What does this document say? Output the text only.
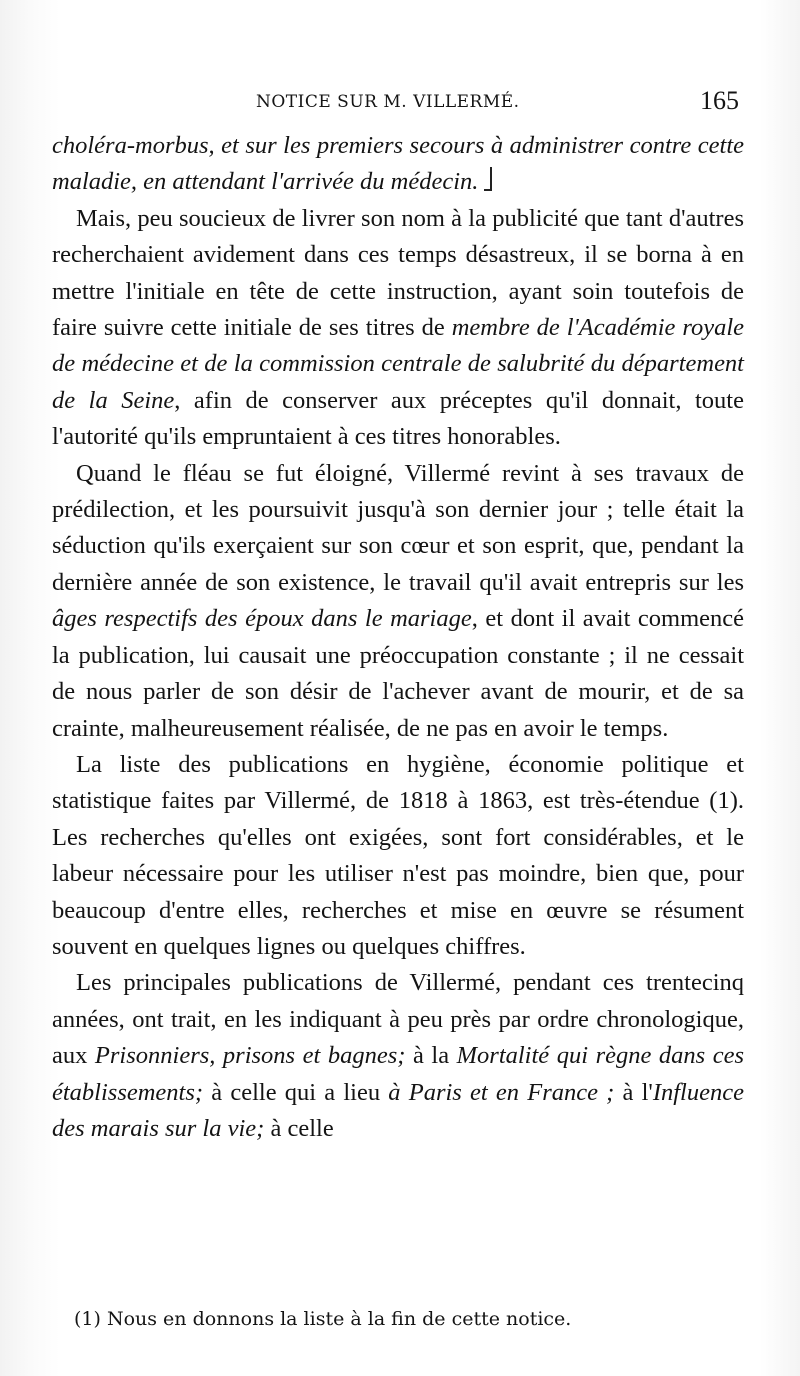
NOTICE SUR M. VILLERMÉ.	165

choléra-morbus, et sur les premiers secours à administrer contre cette maladie, en attendant l'arrivée du médecin.

Mais, peu soucieux de livrer son nom à la publicité que tant d'autres recherchaient avidement dans ces temps désastreux, il se borna à en mettre l'initiale en tête de cette instruction, ayant soin toutefois de faire suivre cette initiale de ses titres de membre de l'Académie royale de médecine et de la commission centrale de salubrité du département de la Seine, afin de conserver aux préceptes qu'il donnait, toute l'autorité qu'ils empruntaient à ces titres honorables.

Quand le fléau se fut éloigné, Villermé revint à ses travaux de prédilection, et les poursuivit jusqu'à son dernier jour ; telle était la séduction qu'ils exerçaient sur son cœur et son esprit, que, pendant la dernière année de son existence, le travail qu'il avait entrepris sur les âges respectifs des époux dans le mariage, et dont il avait commencé la publication, lui causait une préoccupation constante ; il ne cessait de nous parler de son désir de l'achever avant de mourir, et de sa crainte, malheureusement réalisée, de ne pas en avoir le temps.

La liste des publications en hygiène, économie politique et statistique faites par Villermé, de 1818 à 1863, est très-étendue (1). Les recherches qu'elles ont exigées, sont fort considérables, et le labeur nécessaire pour les utiliser n'est pas moindre, bien que, pour beaucoup d'entre elles, recherches et mise en œuvre se résument souvent en quelques lignes ou quelques chiffres.

Les principales publications de Villermé, pendant ces trentecinq années, ont trait, en les indiquant à peu près par ordre chronologique, aux Prisonniers, prisons et bagnes; à la Mortalité qui règne dans ces établissements; à celle qui a lieu à Paris et en France ; à l'Influence des marais sur la vie; à celle

(1) Nous en donnons la liste à la fin de cette notice.
